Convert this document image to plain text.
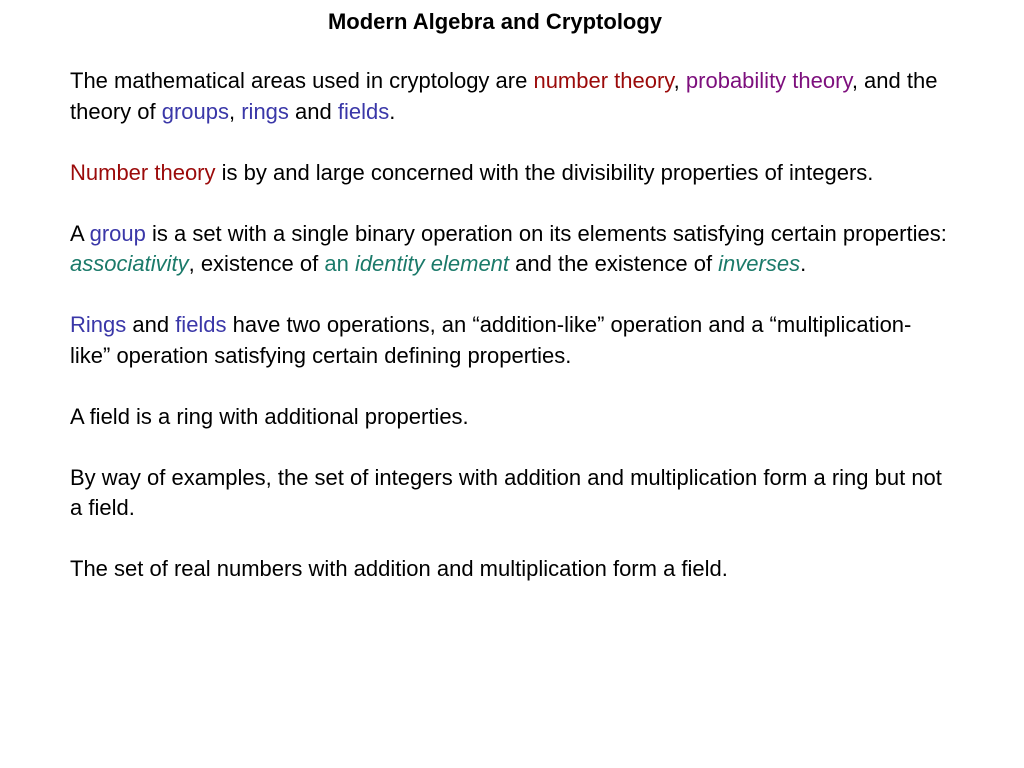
Modern Algebra and Cryptology

The mathematical areas used in cryptology are number theory, probability theory, and the theory of groups, rings and fields.

Number theory is by and large concerned with the divisibility properties of integers.

A group is a set with a single binary operation on its elements satisfying certain properties: associativity, existence of an identity element and the existence of inverses.

Rings and fields have two operations, an “addition-like” operation and a “multiplication-like” operation satisfying certain defining properties.

A field is a ring with additional properties.

By way of examples, the set of integers with addition and multiplication form a ring but not a field.

The set of real numbers with addition and multiplication form a field.
